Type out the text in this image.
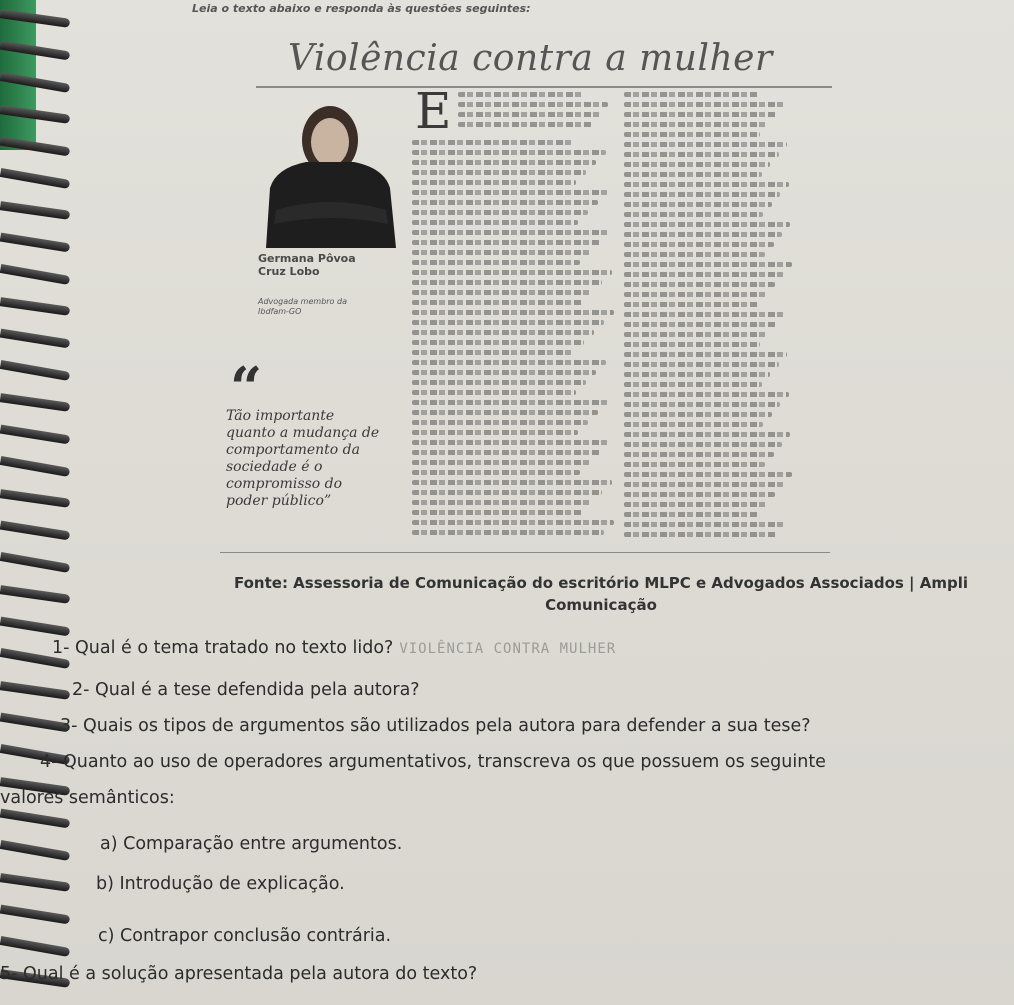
Leia o texto abaixo e responda às questões seguintes:
Violência contra a mulher
Germana Pôvoa Cruz Lobo
Advogada membro da Ibdfam-GO
“
Tão importante quanto a mudança de comportamento da sociedade é o compromisso do poder público”
E
Fonte: Assessoria de Comunicação do escritório MLPC e Advogados Associados | Ampli Comunicação
1- Qual é o tema tratado no texto lido? VIOLÊNCIA CONTRA MULHER
2- Qual é a tese defendida pela autora?
3- Quais os tipos de argumentos são utilizados pela autora para defender a sua tese?
4- Quanto ao uso de operadores argumentativos, transcreva os que possuem os seguinte
valores semânticos:
a) Comparação entre argumentos.
b) Introdução de explicação.
c) Contrapor conclusão contrária.
5- Qual é a solução apresentada pela autora do texto?
